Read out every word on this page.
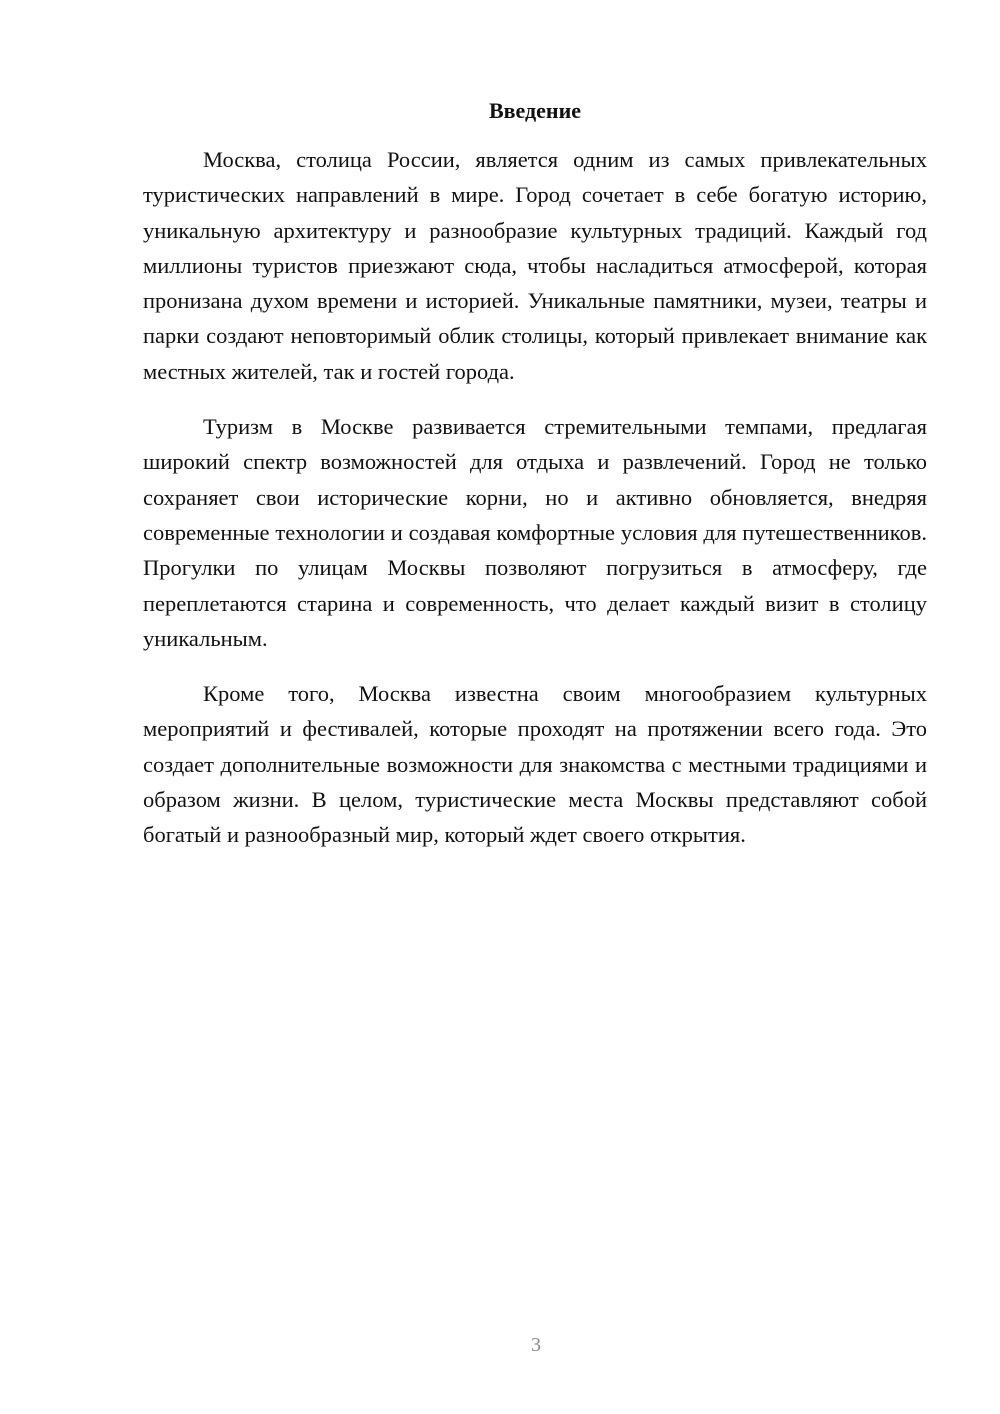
Введение

Москва, столица России, является одним из самых привлекательных туристических направлений в мире. Город сочетает в себе богатую историю, уникальную архитектуру и разнообразие культурных традиций. Каждый год миллионы туристов приезжают сюда, чтобы насладиться атмосферой, которая пронизана духом времени и историей. Уникальные памятники, музеи, театры и парки создают неповторимый облик столицы, который привлекает внимание как местных жителей, так и гостей города.

Туризм в Москве развивается стремительными темпами, предлагая широкий спектр возможностей для отдыха и развлечений. Город не только сохраняет свои исторические корни, но и активно обновляется, внедряя современные технологии и создавая комфортные условия для путешественников. Прогулки по улицам Москвы позволяют погрузиться в атмосферу, где переплетаются старина и современность, что делает каждый визит в столицу уникальным.

Кроме того, Москва известна своим многообразием культурных мероприятий и фестивалей, которые проходят на протяжении всего года. Это создает дополнительные возможности для знакомства с местными традициями и образом жизни. В целом, туристические места Москвы представляют собой богатый и разнообразный мир, который ждет своего открытия.

3
